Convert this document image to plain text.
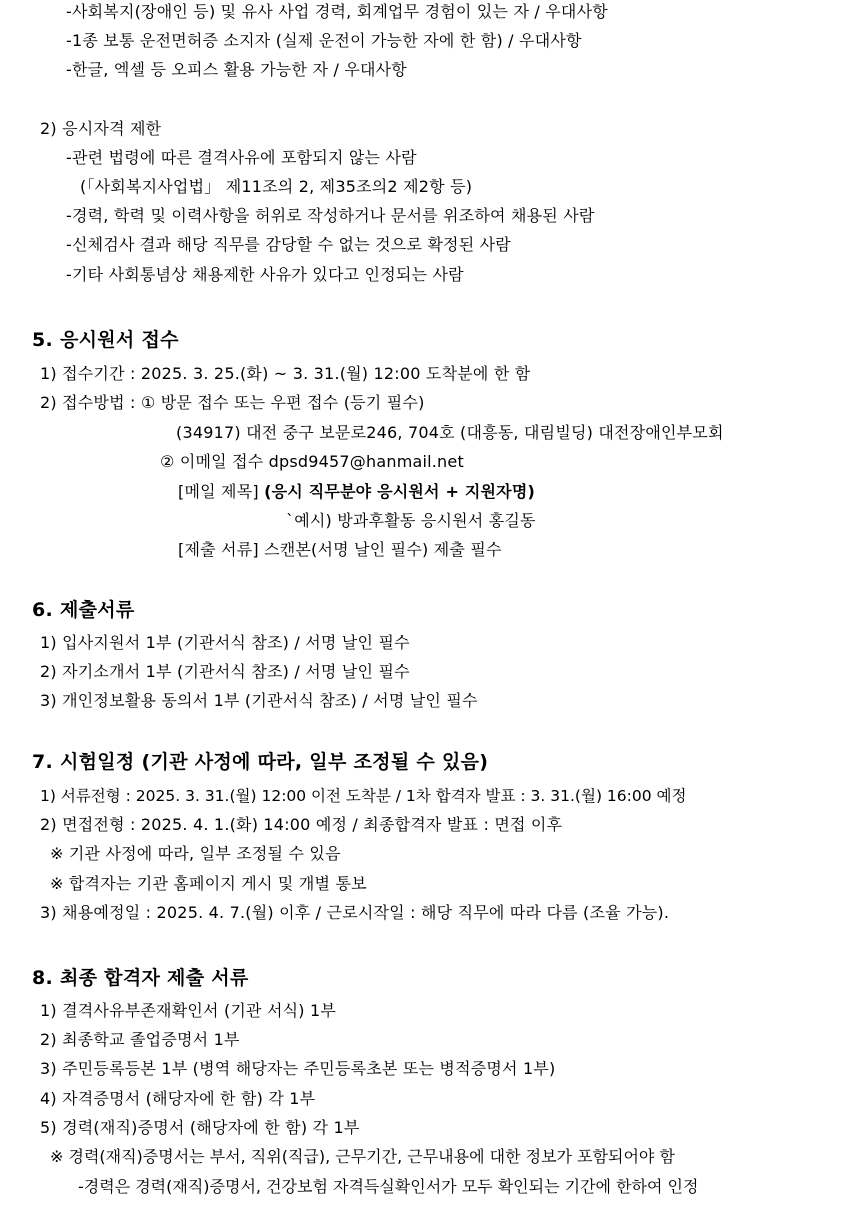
-사회복지(장애인 등) 및 유사 사업 경력, 회계업무 경험이 있는 자 / 우대사항
-1종 보통 운전면허증 소지자 (실제 운전이 가능한 자에 한 함) / 우대사항
-한글, 엑셀 등 오피스 활용 가능한 자 / 우대사항
2) 응시자격 제한
-관련 법령에 따른 결격사유에 포함되지 않는 사람
(「사회복지사업법」 제11조의 2, 제35조의2 제2항 등)
-경력, 학력 및 이력사항을 허위로 작성하거나 문서를 위조하여 채용된 사람
-신체검사 결과 해당 직무를 감당할 수 없는 것으로 확정된 사람
-기타 사회통념상 채용제한 사유가 있다고 인정되는 사람
5. 응시원서 접수
1) 접수기간 : 2025. 3. 25.(화) ~ 3. 31.(월) 12:00 도착분에 한 함
2) 접수방법 : ① 방문 접수 또는 우편 접수 (등기 필수)
(34917) 대전 중구 보문로246, 704호 (대흥동, 대림빌딩) 대전장애인부모회
② 이메일 접수 dpsd9457@hanmail.net
[메일 제목] (응시 직무분야 응시원서 + 지원자명)
`예시) 방과후활동 응시원서 홍길동
[제출 서류] 스캔본(서명 날인 필수) 제출 필수
6. 제출서류
1) 입사지원서 1부 (기관서식 참조) / 서명 날인 필수
2) 자기소개서 1부 (기관서식 참조) / 서명 날인 필수
3) 개인정보활용 동의서 1부 (기관서식 참조) / 서명 날인 필수
7. 시험일정 (기관 사정에 따라, 일부 조정될 수 있음)
1) 서류전형 : 2025. 3. 31.(월) 12:00 이전 도착분 / 1차 합격자 발표 : 3. 31.(월) 16:00 예정
2) 면접전형 : 2025. 4. 1.(화) 14:00 예정 / 최종합격자 발표 : 면접 이후
※ 기관 사정에 따라, 일부 조정될 수 있음
※ 합격자는 기관 홈페이지 게시 및 개별 통보
3) 채용예정일 : 2025. 4. 7.(월) 이후 / 근로시작일 : 해당 직무에 따라 다름 (조율 가능).
8. 최종 합격자 제출 서류
1) 결격사유부존재확인서 (기관 서식) 1부
2) 최종학교 졸업증명서 1부
3) 주민등록등본 1부 (병역 해당자는 주민등록초본 또는 병적증명서 1부)
4) 자격증명서 (해당자에 한 함) 각 1부
5) 경력(재직)증명서 (해당자에 한 함) 각 1부
※ 경력(재직)증명서는 부서, 직위(직급), 근무기간, 근무내용에 대한 정보가 포함되어야 함
-경력은 경력(재직)증명서, 건강보험 자격득실확인서가 모두 확인되는 기간에 한하여 인정
